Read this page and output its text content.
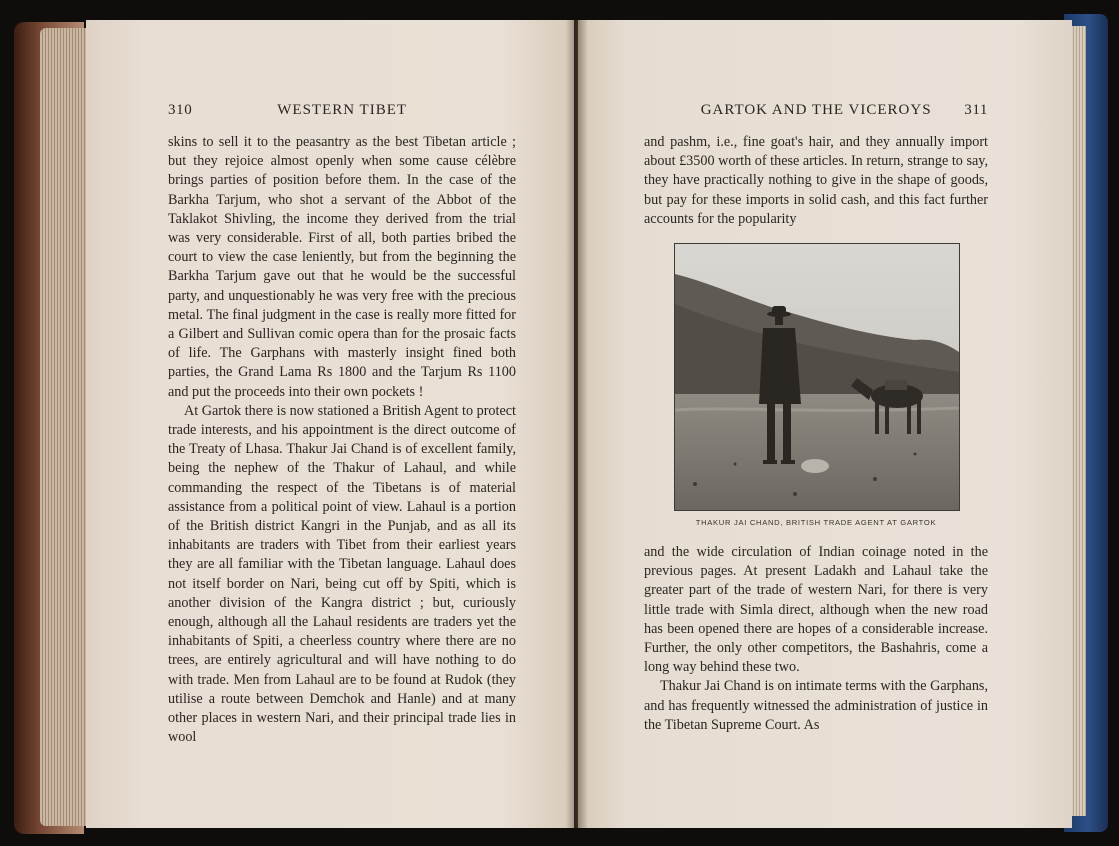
310	WESTERN TIBET

skins to sell it to the peasantry as the best Tibetan article ; but they rejoice almost openly when some cause célèbre brings parties of position before them. In the case of the Barkha Tarjum, who shot a servant of the Abbot of the Taklakot Shivling, the income they derived from the trial was very considerable. First of all, both parties bribed the court to view the case leniently, but from the beginning the Barkha Tarjum gave out that he would be the successful party, and unquestionably he was very free with the precious metal. The final judgment in the case is really more fitted for a Gilbert and Sullivan comic opera than for the prosaic facts of life. The Garphans with masterly insight fined both parties, the Grand Lama Rs 1800 and the Tarjum Rs 1100 and put the proceeds into their own pockets !

At Gartok there is now stationed a British Agent to protect trade interests, and his appointment is the direct outcome of the Treaty of Lhasa. Thakur Jai Chand is of excellent family, being the nephew of the Thakur of Lahaul, and while commanding the respect of the Tibetans is of material assistance from a political point of view. Lahaul is a portion of the British district Kangri in the Punjab, and as all its inhabitants are traders with Tibet from their earliest years they are all familiar with the Tibetan language. Lahaul does not itself border on Nari, being cut off by Spiti, which is another division of the Kangra district ; but, curiously enough, although all the Lahaul residents are traders yet the inhabitants of Spiti, a cheerless country where there are no trees, are entirely agricultural and will have nothing to do with trade. Men from Lahaul are to be found at Rudok (they utilise a route between Demchok and Hanle) and at many other places in western Nari, and their principal trade lies in wool

GARTOK AND THE VICEROYS 311

and pashm, i.e., fine goat's hair, and they annually import about £3500 worth of these articles. In return, strange to say, they have practically nothing to give in the shape of goods, but pay for these imports in solid cash, and this fact further accounts for the popularity

THAKUR JAI CHAND, BRITISH TRADE AGENT AT GARTOK

and the wide circulation of Indian coinage noted in the previous pages. At present Ladakh and Lahaul take the greater part of the trade of western Nari, for there is very little trade with Simla direct, although when the new road has been opened there are hopes of a considerable increase. Further, the only other competitors, the Bashahris, come a long way behind these two.

Thakur Jai Chand is on intimate terms with the Garphans, and has frequently witnessed the administration of justice in the Tibetan Supreme Court. As
